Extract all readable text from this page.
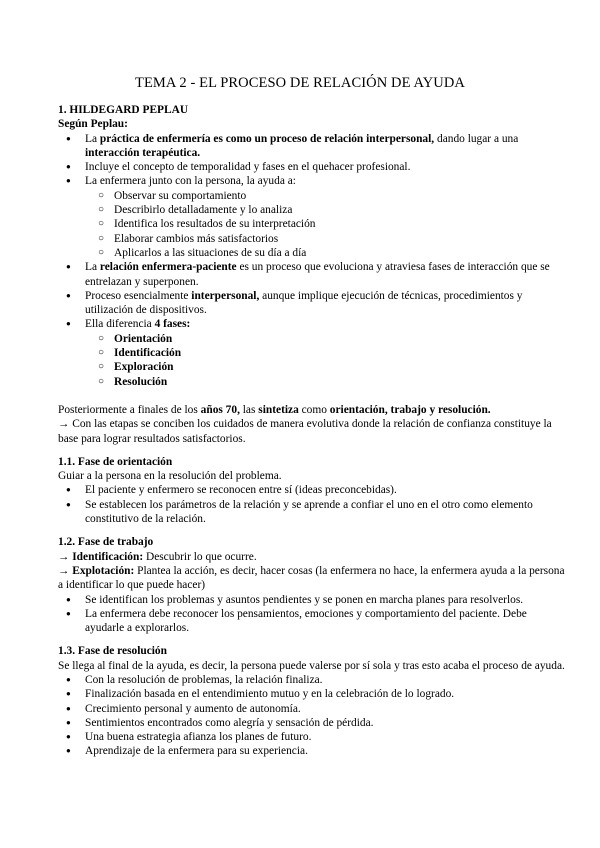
TEMA 2 - EL PROCESO DE RELACIÓN DE AYUDA
1. HILDEGARD PEPLAU
Según Peplau:
● La práctica de enfermería es como un proceso de relación interpersonal, dando lugar a una interacción terapéutica.
● Incluye el concepto de temporalidad y fases en el quehacer profesional.
● La enfermera junto con la persona, la ayuda a:
○ Observar su comportamiento
○ Describirlo detalladamente y lo analiza
○ Identifica los resultados de su interpretación
○ Elaborar cambios más satisfactorios
○ Aplicarlos a las situaciones de su día a día
● La relación enfermera-paciente es un proceso que evoluciona y atraviesa fases de interacción que se entrelazan y superponen.
● Proceso esencialmente interpersonal, aunque implique ejecución de técnicas, procedimientos y utilización de dispositivos.
● Ella diferencia 4 fases:
○ Orientación
○ Identificación
○ Exploración
○ Resolución
Posteriormente a finales de los años 70, las sintetiza como orientación, trabajo y resolución.
→ Con las etapas se conciben los cuidados de manera evolutiva donde la relación de confianza constituye la base para lograr resultados satisfactorios.
1.1. Fase de orientación
Guiar a la persona en la resolución del problema.
● El paciente y enfermero se reconocen entre sí (ideas preconcebidas).
● Se establecen los parámetros de la relación y se aprende a confiar el uno en el otro como elemento constitutivo de la relación.
1.2. Fase de trabajo
→ Identificación: Descubrir lo que ocurre.
→ Explotación: Plantea la acción, es decir, hacer cosas (la enfermera no hace, la enfermera ayuda a la persona a identificar lo que puede hacer)
● Se identifican los problemas y asuntos pendientes y se ponen en marcha planes para resolverlos.
● La enfermera debe reconocer los pensamientos, emociones y comportamiento del paciente. Debe ayudarle a explorarlos.
1.3. Fase de resolución
Se llega al final de la ayuda, es decir, la persona puede valerse por sí sola y tras esto acaba el proceso de ayuda.
● Con la resolución de problemas, la relación finaliza.
● Finalización basada en el entendimiento mutuo y en la celebración de lo logrado.
● Crecimiento personal y aumento de autonomía.
● Sentimientos encontrados como alegría y sensación de pérdida.
● Una buena estrategia afianza los planes de futuro.
● Aprendizaje de la enfermera para su experiencia.
